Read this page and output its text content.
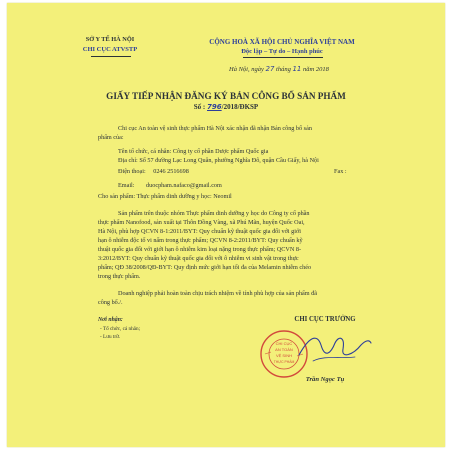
SỞ Y TẾ HÀ NỘI
CHI CỤC ATVSTP
CỘNG HOÀ XÃ HỘI CHỦ NGHĨA VIỆT NAM
Độc lập – Tự do – Hạnh phúc
Hà Nội, ngày 27 tháng 11 năm 2018
GIẤY TIẾP NHẬN ĐĂNG KÝ BẢN CÔNG BỐ SẢN PHẨM
Số : 796/2018/ĐKSP
Chi cục An toàn vệ sinh thực phẩm Hà Nội xác nhận đã nhận Bản công bố sản
phẩm của:
Tên tổ chức, cá nhân: Công ty cổ phần Dược phẩm Quốc gia
Địa chỉ: Số 57 đường Lạc Long Quân, phường Nghĩa Đô, quận Cầu Giấy, hà Nội
Điện thoại: 0246 2516698	Fax :
Email: duocpham.nafaco@gmail.com
Cho sản phẩm: Thực phẩm dinh dưỡng y học: Neomil
Sản phẩm trên thuộc nhóm Thực phẩm dinh dưỡng y học do Công ty cổ phần
thực phẩm Nanofood, sản xuất tại Thôn Đồng Vàng, xã Phú Mãn, huyện Quốc Oai,
Hà Nội, phù hợp QCVN 8-1:2011/BYT: Quy chuẩn kỹ thuật quốc gia đối với giới
hạn ô nhiễm độc tố vi nấm trong thực phẩm; QCVN 8-2:2011/BYT: Quy chuẩn kỹ
thuật quốc gia đối với giới hạn ô nhiễm kim loại nặng trong thực phẩm; QCVN 8-
3:2012/BYT: Quy chuẩn kỹ thuật quốc gia đối với ô nhiễm vi sinh vật trong thực
phẩm; QĐ 38/2008/QĐ-BYT: Quy định mức giới hạn tối đa của Melamin nhiễm chéo
trong thực phẩm.
Doanh nghiệp phải hoàn toàn chịu trách nhiệm về tính phù hợp của sản phẩm đã
công bố./.
Nơi nhận:
- Tổ chức, cá nhân;
- Lưu trữ.
CHI CỤC TRƯỞNG
CHI CỤC
AN TOÀN
VỆ SINH
THỰC PHẨM
Trần Ngọc Tụ
